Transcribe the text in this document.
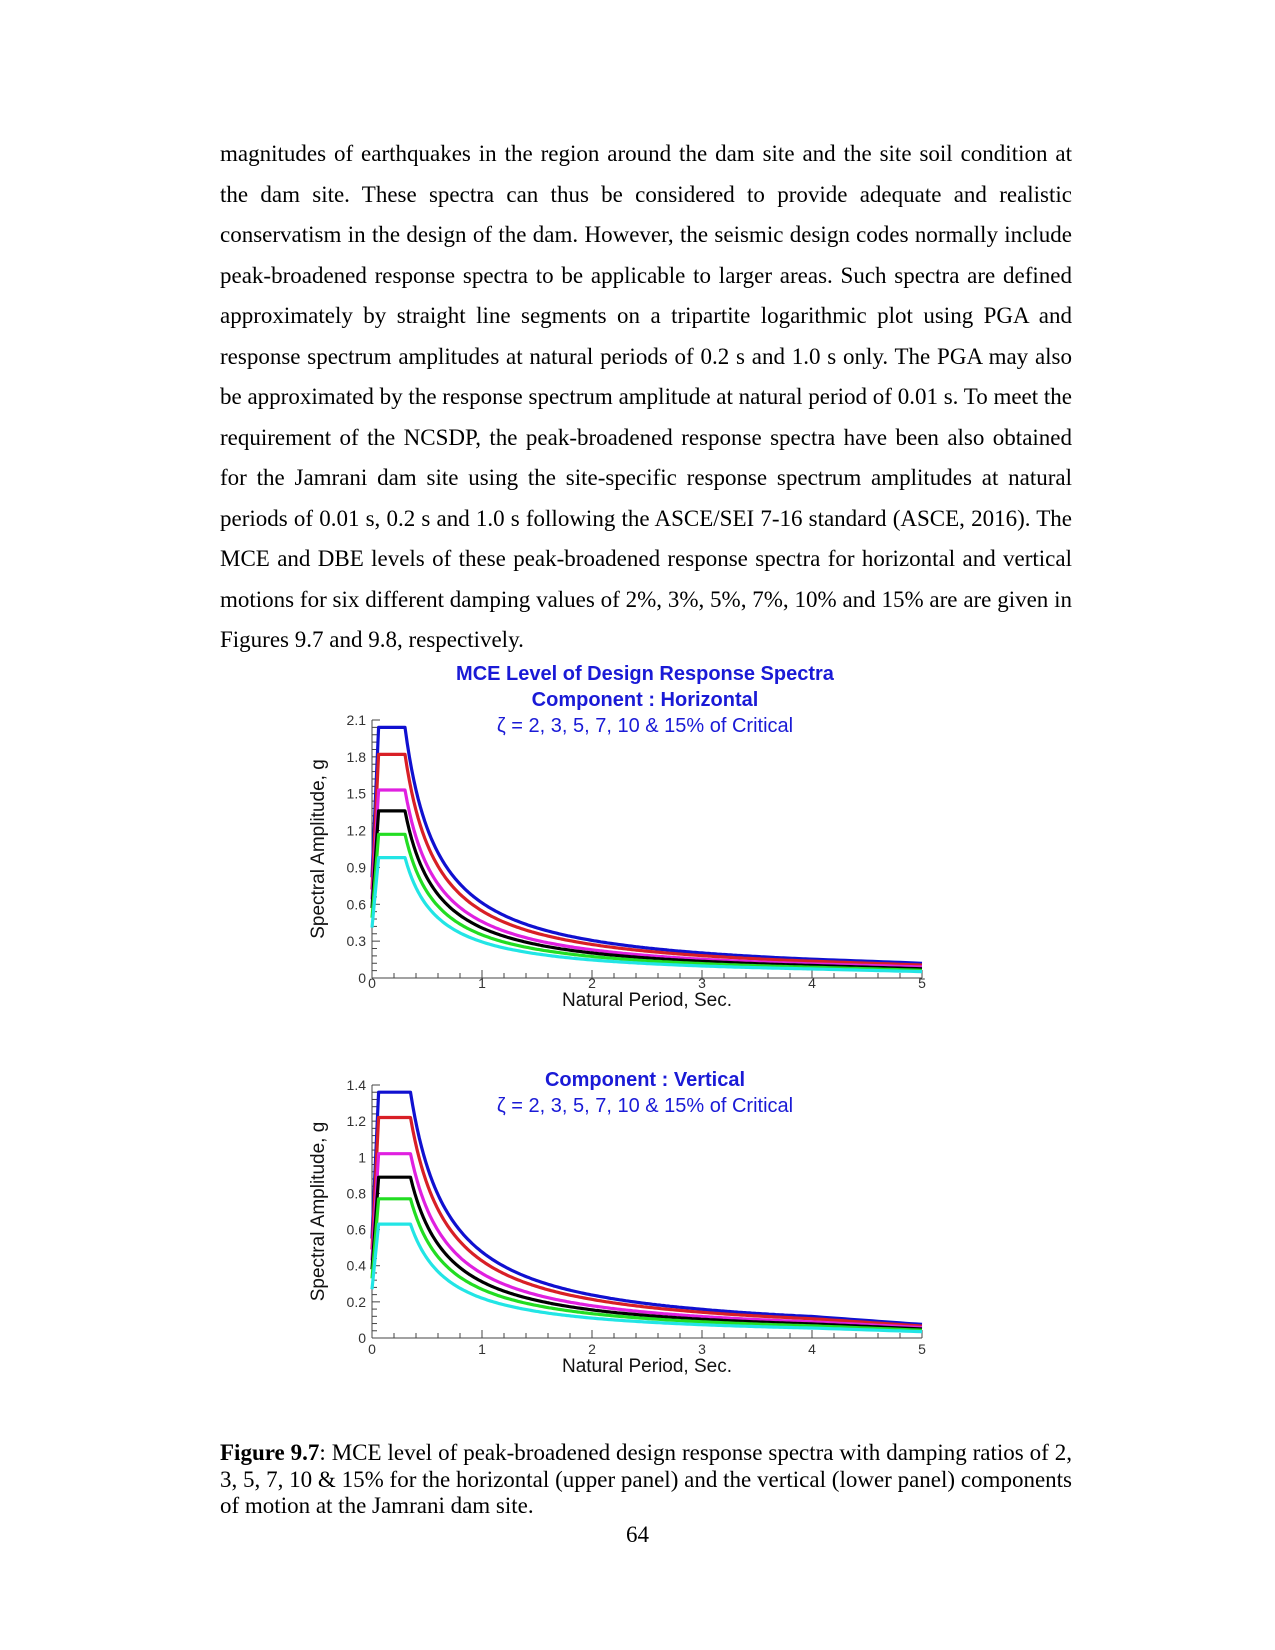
magnitudes of earthquakes in the region around the dam site and the site soil condition at the dam site. These spectra can thus be considered to provide adequate and realistic conservatism in the design of the dam. However, the seismic design codes normally include peak-broadened response spectra to be applicable to larger areas. Such spectra are defined approximately by straight line segments on a tripartite logarithmic plot using PGA and response spectrum amplitudes at natural periods of 0.2 s and 1.0 s only. The PGA may also be approximated by the response spectrum amplitude at natural period of 0.01 s. To meet the requirement of the NCSDP, the peak-broadened response spectra have been also obtained for the Jamrani dam site using the site-specific response spectrum amplitudes at natural periods of 0.01 s, 0.2 s and 1.0 s following the ASCE/SEI 7-16 standard (ASCE, 2016). The MCE and DBE levels of these peak-broadened response spectra for horizontal and vertical motions for six different damping values of 2%, 3%, 5%, 7%, 10% and 15% are are given in Figures 9.7 and 9.8, respectively.

MCE Level of Design Response Spectra
Component : Horizontal
ζ = 2, 3, 5, 7, 10 & 15% of Critical
0	1	2	3	4	5
0
0.3
0.6
0.9
1.2
1.5
1.8
2.1
Natural Period, Sec.
Spectral Amplitude, g
Component : Vertical
ζ = 2, 3, 5, 7, 10 & 15% of Critical
0	1	2	3	4	5
0
0.2
0.4
0.6
0.8
1
1.2
1.4
Natural Period, Sec.
Spectral Amplitude, g

Figure 9.7: MCE level of peak-broadened design response spectra with damping ratios of 2, 3, 5, 7, 10 & 15% for the horizontal (upper panel) and the vertical (lower panel) components of motion at the Jamrani dam site.

64
